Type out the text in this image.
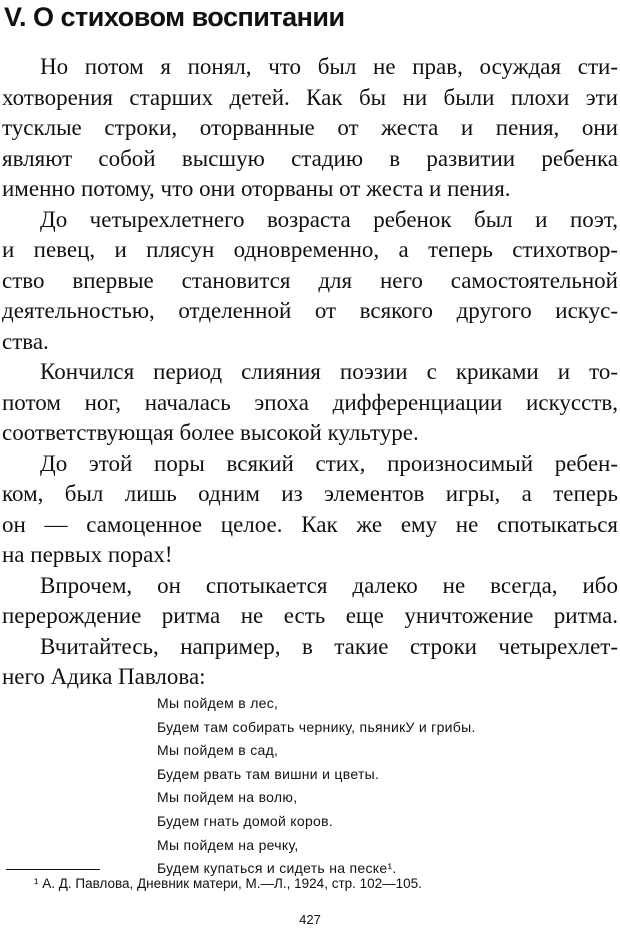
V. О стиховом воспитании
Но потом я понял, что был не прав, осуждая сти-
хотворения старших детей. Как бы ни были плохи эти
тусклые строки, оторванные от жеста и пения, они
являют собой высшую стадию в развитии ребенка
именно потому, что они оторваны от жеста и пения.
До четырехлетнего возраста ребенок был и поэт,
и певец, и плясун одновременно, а теперь стихотвор-
ство впервые становится для него самостоятельной
деятельностью, отделенной от всякого другого искус-
ства.
Кончился период слияния поэзии с криками и то-
потом ног, началась эпоха дифференциации искусств,
соответствующая более высокой культуре.
До этой поры всякий стих, произносимый ребен-
ком, был лишь одним из элементов игры, а теперь
он — самоценное целое. Как же ему не спотыкаться
на первых порах!
Впрочем, он спотыкается далеко не всегда, ибо
перерождение ритма не есть еще уничтожение ритма.
Вчитайтесь, например, в такие строки четырехлет-
него Адика Павлова:
Мы пойдем в лес,
Будем там собирать чернику, пьяникУ и грибы.
Мы пойдем в сад,
Будем рвать там вишни и цветы.
Мы пойдем на волю,
Будем гнать домой коров.
Мы пойдем на речку,
Будем купаться и сидеть на песке¹.
¹ А. Д. Павлова, Дневник матери, М.—Л., 1924, стр. 102—105.
427
